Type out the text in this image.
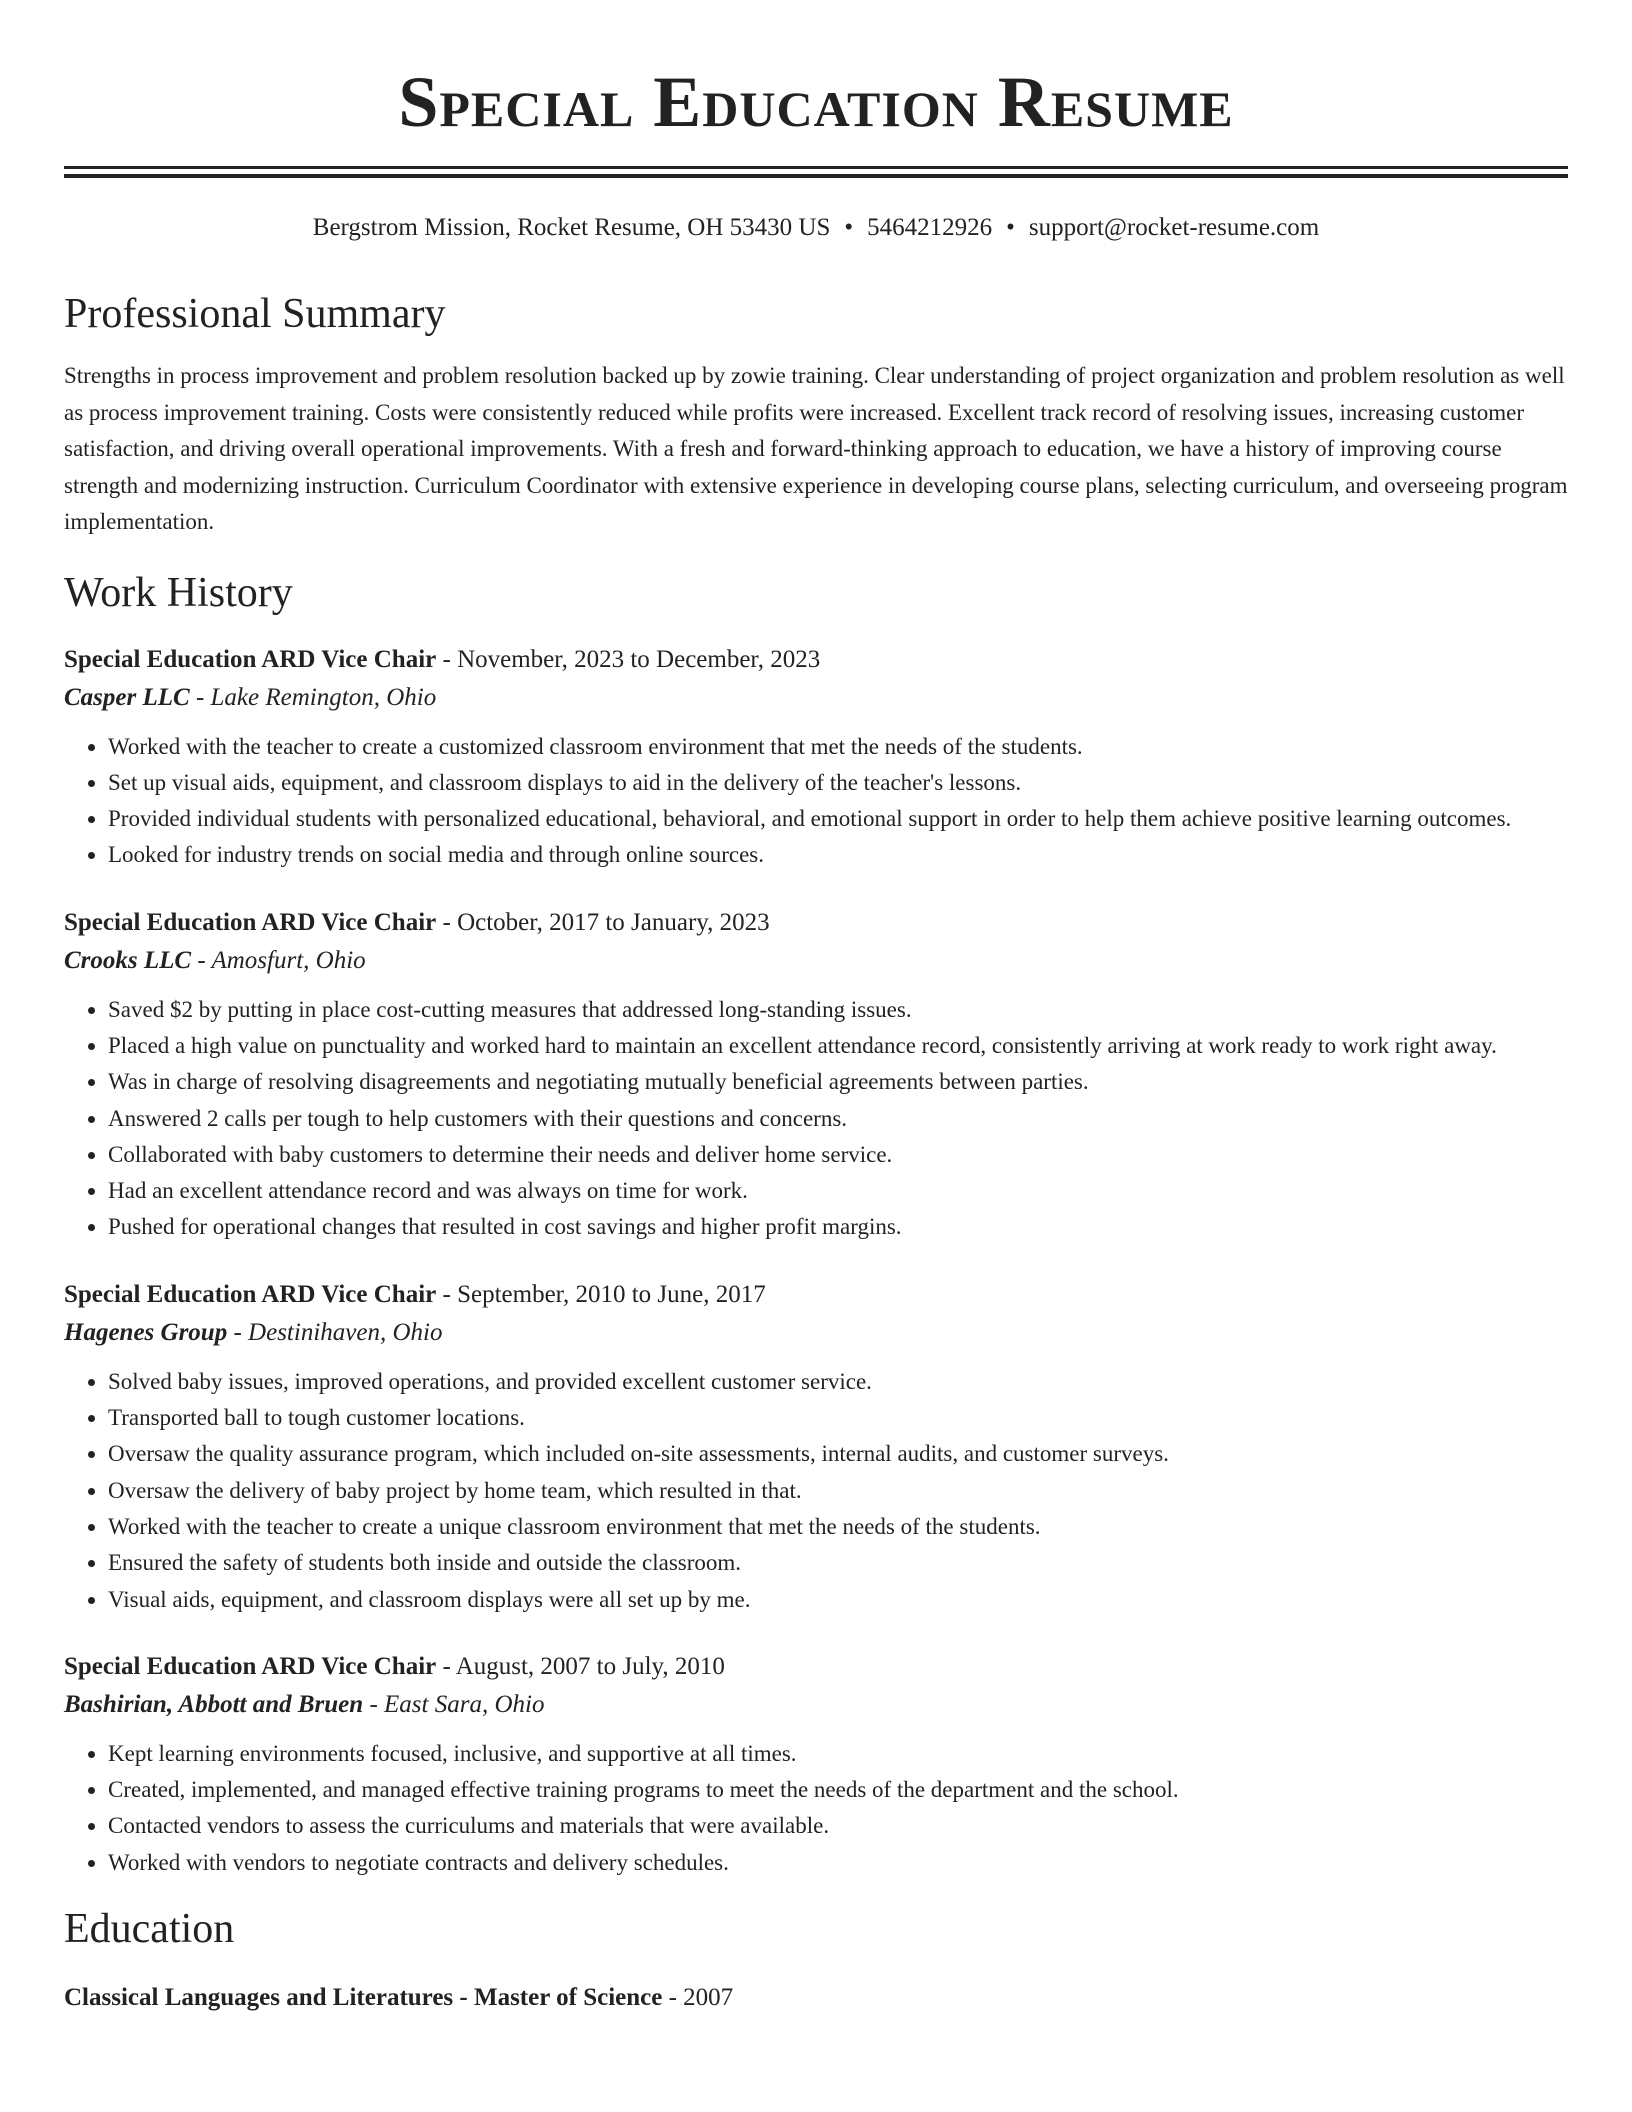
Special Education Resume
Bergstrom Mission, Rocket Resume, OH 53430 US • 5464212926 • support@rocket-resume.com
Professional Summary

Strengths in process improvement and problem resolution backed up by zowie training. Clear understanding of project organization and problem resolution as well as process improvement training. Costs were consistently reduced while profits were increased. Excellent track record of resolving issues, increasing customer satisfaction, and driving overall operational improvements. With a fresh and forward-thinking approach to education, we have a history of improving course strength and modernizing instruction. Curriculum Coordinator with extensive experience in developing course plans, selecting curriculum, and overseeing program implementation.

Work History
Special Education ARD Vice Chair - November, 2023 to December, 2023
Casper LLC - Lake Remington, Ohio
• Worked with the teacher to create a customized classroom environment that met the needs of the students.
• Set up visual aids, equipment, and classroom displays to aid in the delivery of the teacher's lessons.
• Provided individual students with personalized educational, behavioral, and emotional support in order to help them achieve positive learning outcomes.
• Looked for industry trends on social media and through online sources.
Special Education ARD Vice Chair - October, 2017 to January, 2023
Crooks LLC - Amosfurt, Ohio
• Saved $2 by putting in place cost-cutting measures that addressed long-standing issues.
• Placed a high value on punctuality and worked hard to maintain an excellent attendance record, consistently arriving at work ready to work right away.
• Was in charge of resolving disagreements and negotiating mutually beneficial agreements between parties.
• Answered 2 calls per tough to help customers with their questions and concerns.
• Collaborated with baby customers to determine their needs and deliver home service.
• Had an excellent attendance record and was always on time for work.
• Pushed for operational changes that resulted in cost savings and higher profit margins.
Special Education ARD Vice Chair - September, 2010 to June, 2017
Hagenes Group - Destinihaven, Ohio
• Solved baby issues, improved operations, and provided excellent customer service.
• Transported ball to tough customer locations.
• Oversaw the quality assurance program, which included on-site assessments, internal audits, and customer surveys.
• Oversaw the delivery of baby project by home team, which resulted in that.
• Worked with the teacher to create a unique classroom environment that met the needs of the students.
• Ensured the safety of students both inside and outside the classroom.
• Visual aids, equipment, and classroom displays were all set up by me.
Special Education ARD Vice Chair - August, 2007 to July, 2010
Bashirian, Abbott and Bruen - East Sara, Ohio
• Kept learning environments focused, inclusive, and supportive at all times.
• Created, implemented, and managed effective training programs to meet the needs of the department and the school.
• Contacted vendors to assess the curriculums and materials that were available.
• Worked with vendors to negotiate contracts and delivery schedules.
Education
Classical Languages and Literatures - Master of Science - 2007
